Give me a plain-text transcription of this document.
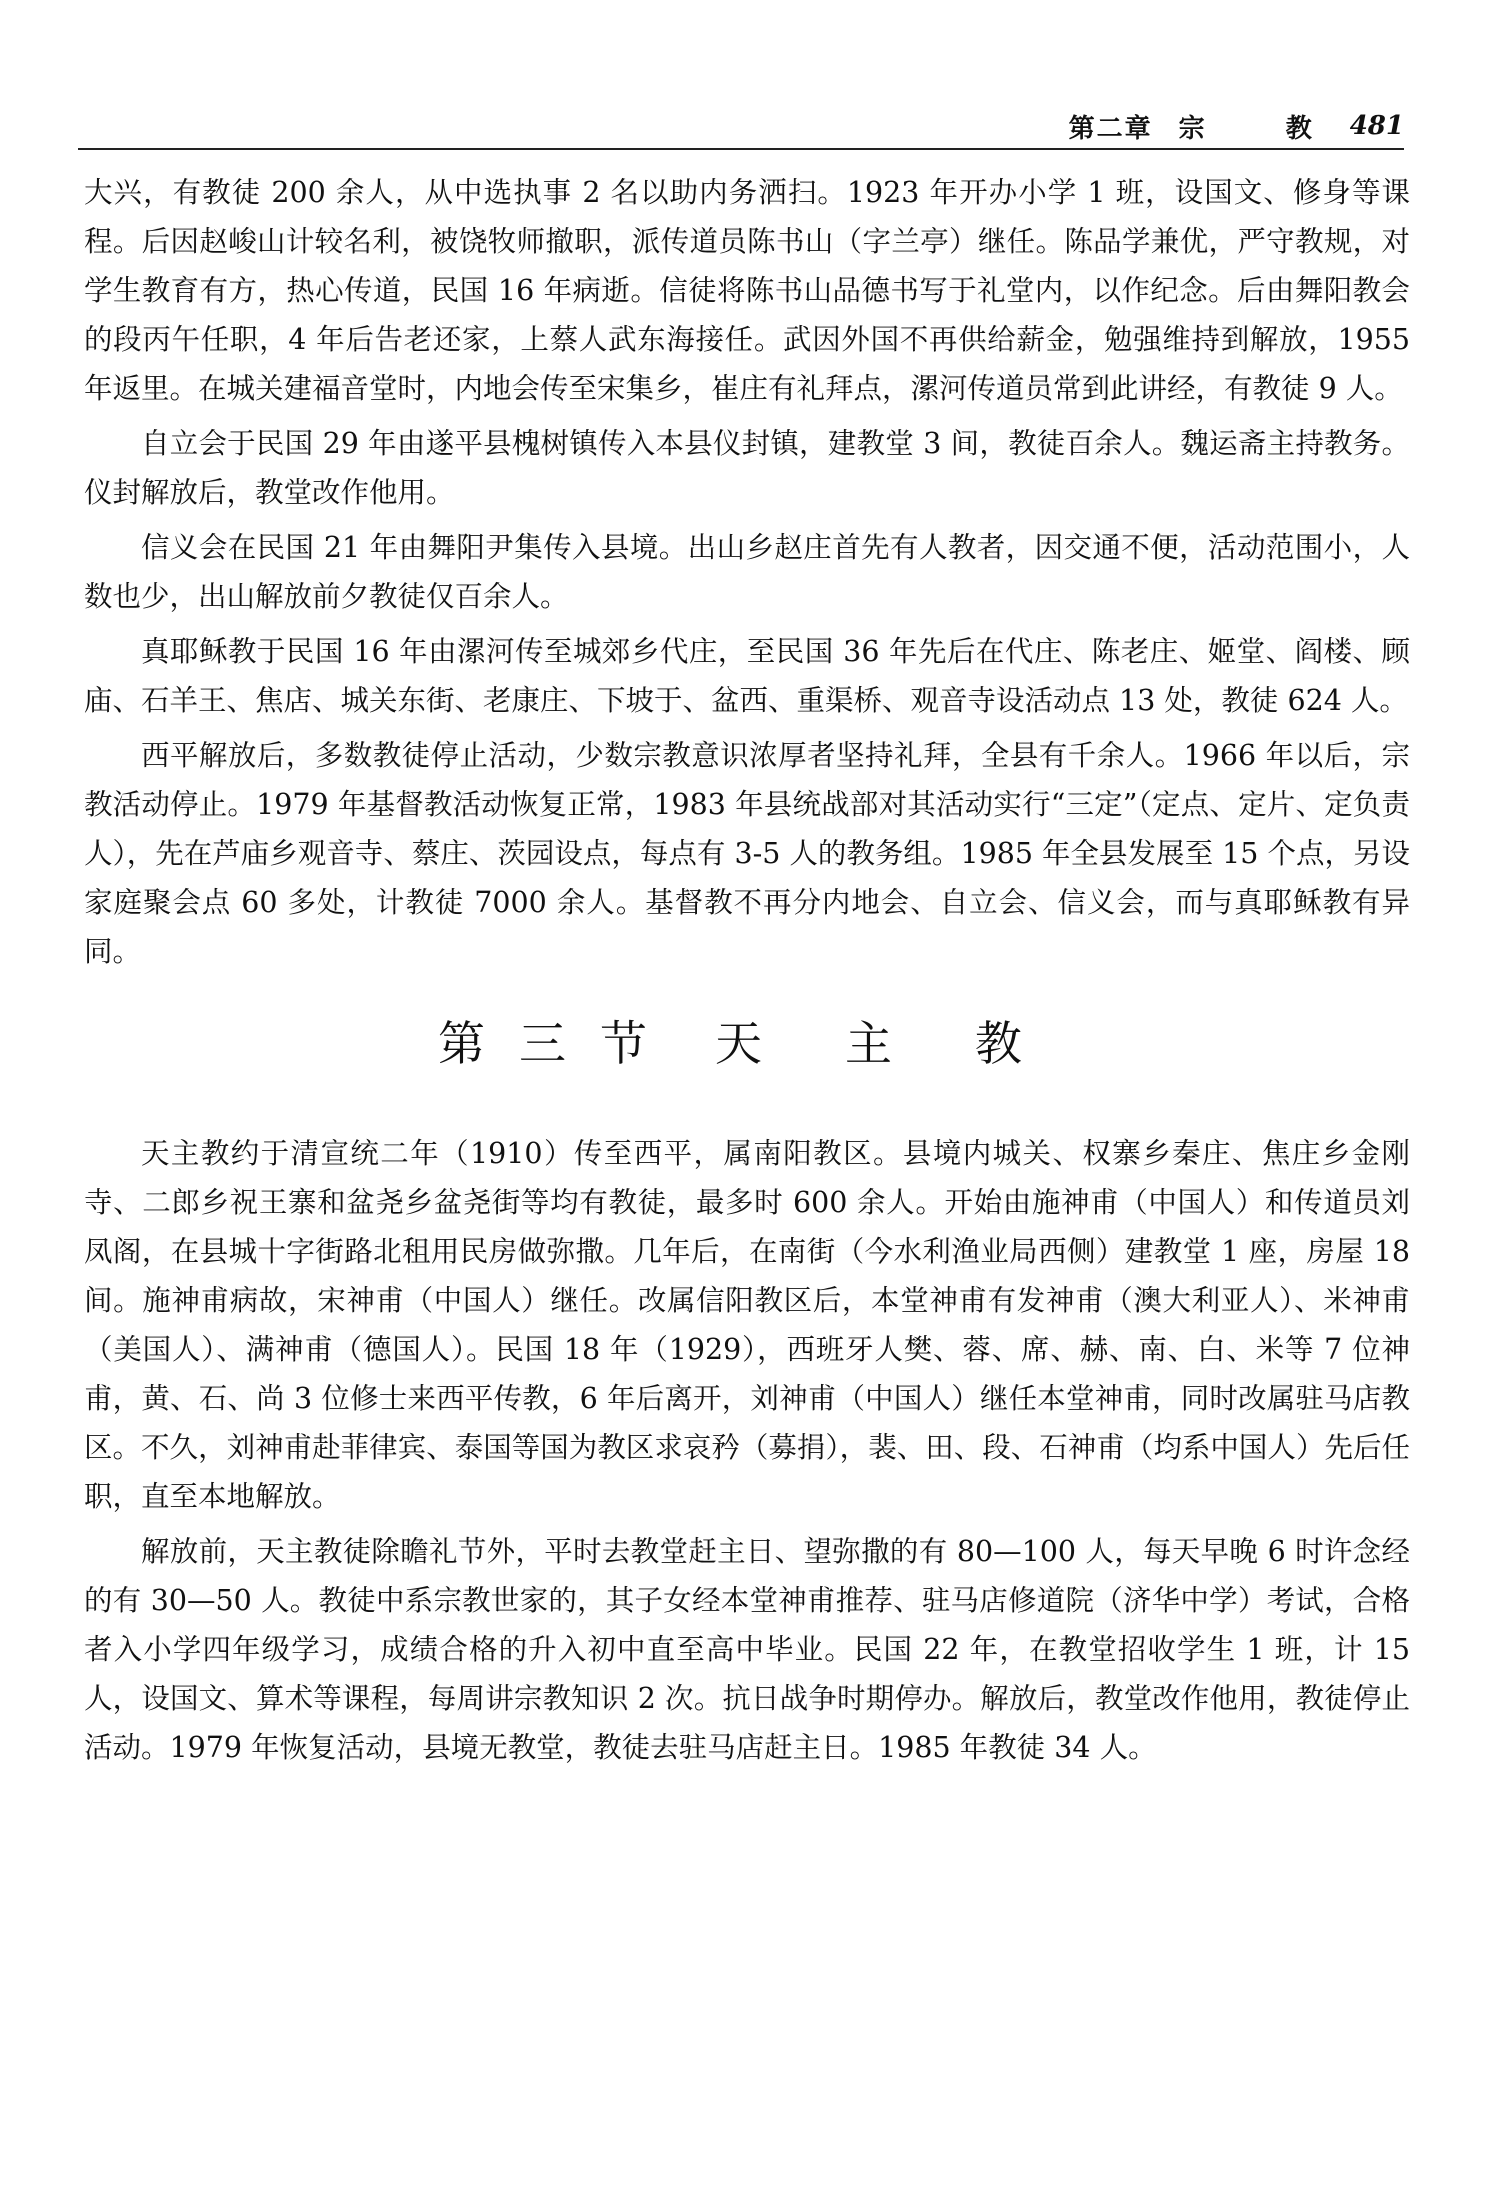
第二章 宗 教 481

大兴，有教徒 200 余人，从中选执事 2 名以助内务洒扫。1923 年开办小学 1 班，设国文、修身等课程。后因赵峻山计较名利，被饶牧师撤职，派传道员陈书山（字兰亭）继任。陈品学兼优，严守教规，对学生教育有方，热心传道，民国 16 年病逝。信徒将陈书山品德书写于礼堂内，以作纪念。后由舞阳教会的段丙午任职，4 年后告老还家，上蔡人武东海接任。武因外国不再供给薪金，勉强维持到解放，1955 年返里。在城关建福音堂时，内地会传至宋集乡，崔庄有礼拜点，漯河传道员常到此讲经，有教徒 9 人。

自立会于民国 29 年由遂平县槐树镇传入本县仪封镇，建教堂 3 间，教徒百余人。魏运斋主持教务。仪封解放后，教堂改作他用。

信义会在民国 21 年由舞阳尹集传入县境。出山乡赵庄首先有人教者，因交通不便，活动范围小，人数也少，出山解放前夕教徒仅百余人。

真耶稣教于民国 16 年由漯河传至城郊乡代庄，至民国 36 年先后在代庄、陈老庄、姬堂、阎楼、顾庙、石羊王、焦店、城关东街、老康庄、下坡于、盆西、重渠桥、观音寺设活动点 13 处，教徒 624 人。

西平解放后，多数教徒停止活动，少数宗教意识浓厚者坚持礼拜，全县有千余人。1966 年以后，宗教活动停止。1979 年基督教活动恢复正常，1983 年县统战部对其活动实行“三定”（定点、定片、定负责人），先在芦庙乡观音寺、蔡庄、茨园设点，每点有 3-5 人的教务组。1985 年全县发展至 15 个点，另设家庭聚会点 60 多处，计教徒 7000 余人。基督教不再分内地会、自立会、信义会，而与真耶稣教有异同。

第三节 天 主 教

天主教约于清宣统二年（1910）传至西平，属南阳教区。县境内城关、权寨乡秦庄、焦庄乡金刚寺、二郎乡祝王寨和盆尧乡盆尧街等均有教徒，最多时 600 余人。开始由施神甫（中国人）和传道员刘凤阁，在县城十字街路北租用民房做弥撒。几年后，在南街（今水利渔业局西侧）建教堂 1 座，房屋 18 间。施神甫病故，宋神甫（中国人）继任。改属信阳教区后，本堂神甫有发神甫（澳大利亚人）、米神甫（美国人）、满神甫（德国人）。民国 18 年（1929），西班牙人樊、蓉、席、赫、南、白、米等 7 位神甫，黄、石、尚 3 位修士来西平传教，6 年后离开，刘神甫（中国人）继任本堂神甫，同时改属驻马店教区。不久，刘神甫赴菲律宾、泰国等国为教区求哀矜（募捐），裴、田、段、石神甫（均系中国人）先后任职，直至本地解放。

解放前，天主教徒除瞻礼节外，平时去教堂赶主日、望弥撒的有 80—100 人，每天早晚 6 时许念经的有 30—50 人。教徒中系宗教世家的，其子女经本堂神甫推荐、驻马店修道院（济华中学）考试，合格者入小学四年级学习，成绩合格的升入初中直至高中毕业。民国 22 年，在教堂招收学生 1 班，计 15 人，设国文、算术等课程，每周讲宗教知识 2 次。抗日战争时期停办。解放后，教堂改作他用，教徒停止活动。1979 年恢复活动，县境无教堂，教徒去驻马店赶主日。1985 年教徒 34 人。
